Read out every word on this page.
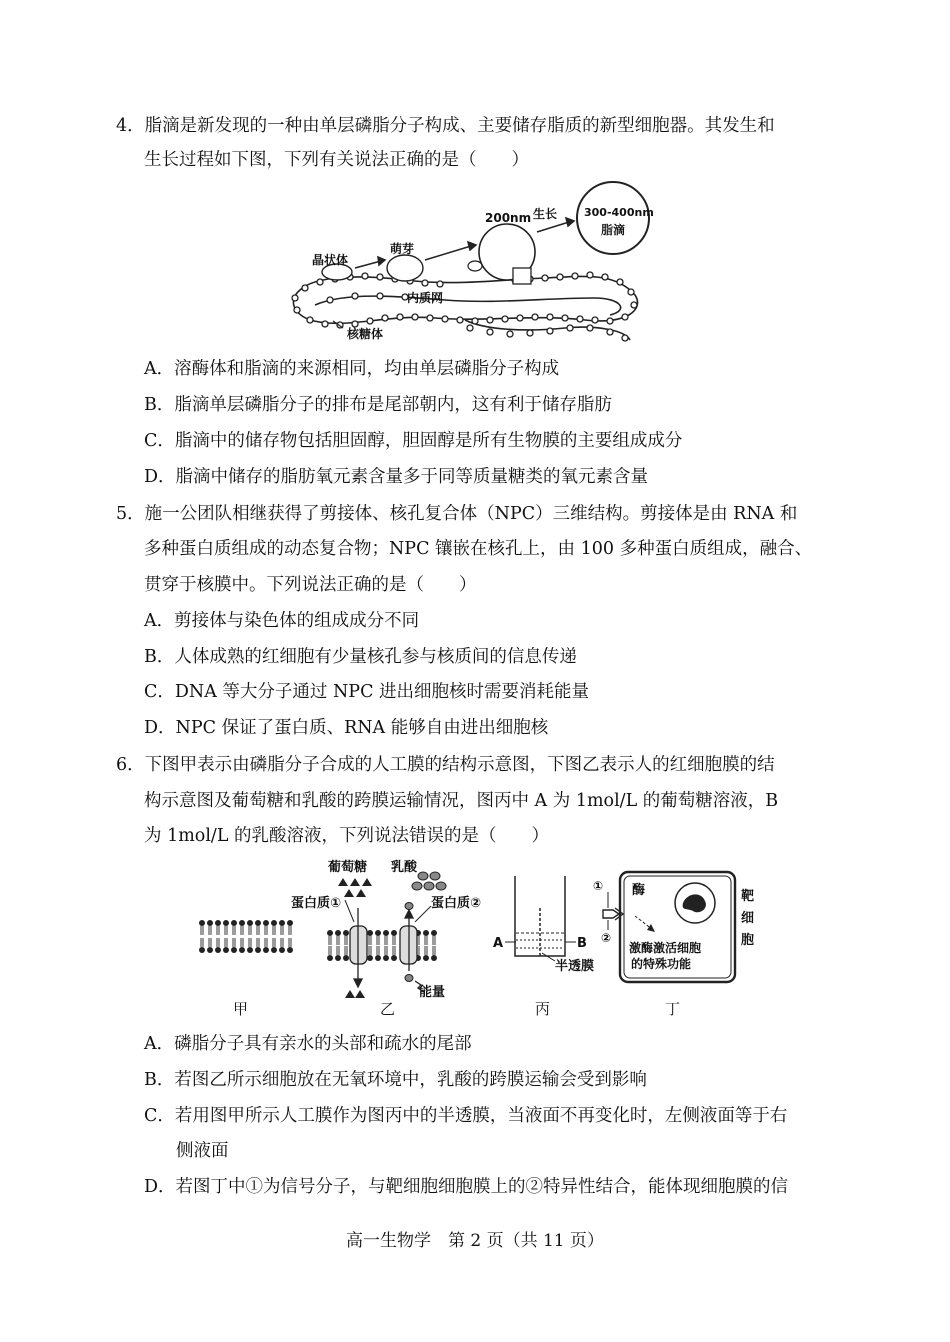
4．脂滴是新发现的一种由单层磷脂分子构成、主要储存脂质的新型细胞器。其发生和
生长过程如下图，下列有关说法正确的是（　　）
晶状体
萌芽
200nm 生长 300-400nm
脂滴
内质网
核糖体
A．溶酶体和脂滴的来源相同，均由单层磷脂分子构成
B．脂滴单层磷脂分子的排布是尾部朝内，这有利于储存脂肪
C．脂滴中的储存物包括胆固醇，胆固醇是所有生物膜的主要组成成分
D．脂滴中储存的脂肪氧元素含量多于同等质量糖类的氧元素含量
5．施一公团队相继获得了剪接体、核孔复合体（NPC）三维结构。剪接体是由 RNA 和
多种蛋白质组成的动态复合物；NPC 镶嵌在核孔上，由 100 多种蛋白质组成，融合、
贯穿于核膜中。下列说法正确的是（　　）
A．剪接体与染色体的组成成分不同
B．人体成熟的红细胞有少量核孔参与核质间的信息传递
C．DNA 等大分子通过 NPC 进出细胞核时需要消耗能量
D．NPC 保证了蛋白质、RNA 能够自由进出细胞核
6．下图甲表示由磷脂分子合成的人工膜的结构示意图，下图乙表示人的红细胞膜的结
构示意图及葡萄糖和乳酸的跨膜运输情况，图丙中 A 为 1mol/L 的葡萄糖溶液，B
为 1mol/L 的乳酸溶液，下列说法错误的是（　　）
葡萄糖 乳酸
蛋白质①	蛋白质②
能量
A	B
半透膜
①
②
酶
激酶激活细胞
的特殊功能
靶
细
胞
甲	乙	丙	丁
A．磷脂分子具有亲水的头部和疏水的尾部
B．若图乙所示细胞放在无氧环境中，乳酸的跨膜运输会受到影响
C．若用图甲所示人工膜作为图丙中的半透膜，当液面不再变化时，左侧液面等于右
侧液面
D．若图丁中①为信号分子，与靶细胞细胞膜上的②特异性结合，能体现细胞膜的信
高一生物学　第 2 页（共 11 页）
